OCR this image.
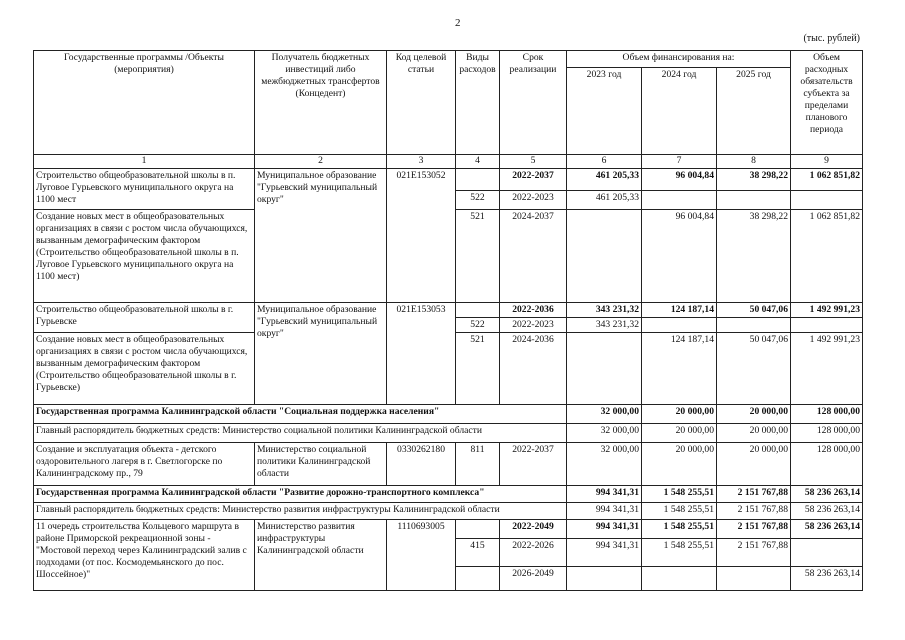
2
(тыс. рублей)
Государственные программы /Объекты (мероприятия)	Получатель бюджетных инвестиций либо межбюджетных трансфертов (Концедент)	Код целевой статьи	Виды расходов	Срок реализации	Объем финансирования на:			Объем расходных обязательств субъекта за пределами планового периода
					2023 год	2024 год	2025 год	
1	2	3	4	5	6	7	8	9
Строительство общеобразовательной школы в п. Луговое Гурьевского муниципального округа на 1100 мест	Муниципальное образование "Гурьевский муниципальный округ"	021Е153052		2022-2037	461 205,33	96 004,84	38 298,22	1 062 851,82
			522	2022-2023	461 205,33			
Создание новых мест в общеобразовательных организациях в связи с ростом числа обучающихся, вызванным демографическим фактором (Строительство общеобразовательной школы в п. Луговое Гурьевского муниципального округа на 1100 мест)			521	2024-2037		96 004,84	38 298,22	1 062 851,82
Строительство общеобразовательной школы в г. Гурьевске	Муниципальное образование "Гурьевский муниципальный округ"	021Е153053		2022-2036	343 231,32	124 187,14	50 047,06	1 492 991,23
			522	2022-2023	343 231,32			
Создание новых мест в общеобразовательных организациях в связи с ростом числа обучающихся, вызванным демографическим фактором (Строительство общеобразовательной школы в г. Гурьевске)			521	2024-2036		124 187,14	50 047,06	1 492 991,23
Государственная программа Калининградской области "Социальная поддержка населения"					32 000,00	20 000,00	20 000,00	128 000,00
Главный распорядитель бюджетных средств: Министерство социальной политики Калининградской области					32 000,00	20 000,00	20 000,00	128 000,00
Создание и эксплуатация объекта - детского оздоровительного лагеря в г. Светлогорске по Калининградскому пр., 79	Министерство социальной политики Калининградской области	0330262180	811	2022-2037	32 000,00	20 000,00	20 000,00	128 000,00
Государственная программа Калининградской области "Развитие дорожно-транспортного комплекса"					994 341,31	1 548 255,51	2 151 767,88	58 236 263,14
Главный распорядитель бюджетных средств: Министерство развития инфраструктуры Калининградской области					994 341,31	1 548 255,51	2 151 767,88	58 236 263,14
11 очередь строительства Кольцевого маршрута в районе Приморской рекреационной зоны - "Мостовой переход через Калининградский залив с подходами (от пос. Космодемьянского до пос. Шоссейное)"	Министерство развития инфраструктуры Калининградской области	1110693005		2022-2049	994 341,31	1 548 255,51	2 151 767,88	58 236 263,14
			415	2022-2026	994 341,31	1 548 255,51	2 151 767,88	
				2026-2049				58 236 263,14
